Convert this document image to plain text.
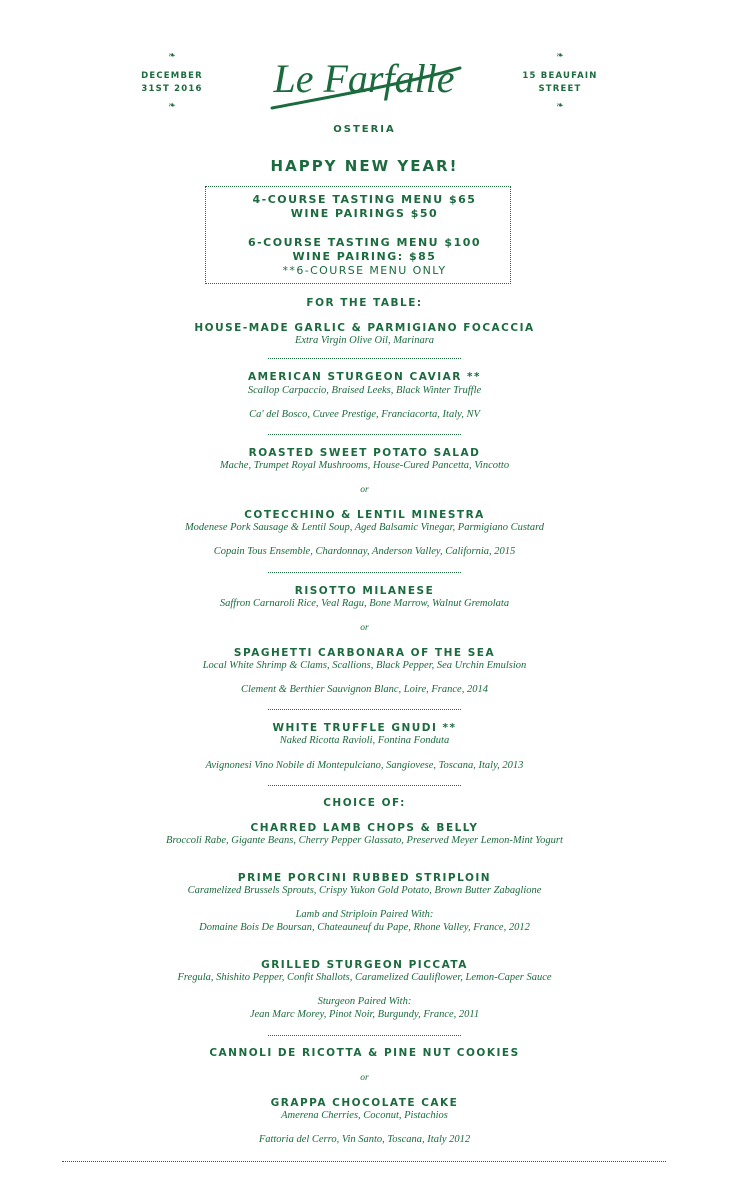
❧
DECEMBER
31ST 2016
❧
❧
15 BEAUFAIN
STREET
❧
Le Farfalle
OSTERIA
HAPPY NEW YEAR!
4-COURSE TASTING MENU $65
WINE PAIRINGS $50
6-COURSE TASTING MENU $100
WINE PAIRING: $85
**6-COURSE MENU ONLY
FOR THE TABLE:
HOUSE-MADE GARLIC & PARMIGIANO FOCACCIA
Extra Virgin Olive Oil, Marinara
AMERICAN STURGEON CAVIAR **
Scallop Carpaccio, Braised Leeks, Black Winter Truffle
Ca' del Bosco, Cuvee Prestige, Franciacorta, Italy, NV
ROASTED SWEET POTATO SALAD
Mache, Trumpet Royal Mushrooms, House-Cured Pancetta, Vincotto
or
COTECCHINO & LENTIL MINESTRA
Modenese Pork Sausage & Lentil Soup, Aged Balsamic Vinegar, Parmigiano Custard
Copain Tous Ensemble, Chardonnay, Anderson Valley, California, 2015
RISOTTO MILANESE
Saffron Carnaroli Rice, Veal Ragu, Bone Marrow, Walnut Gremolata
or
SPAGHETTI CARBONARA OF THE SEA
Local White Shrimp & Clams, Scallions, Black Pepper, Sea Urchin Emulsion
Clement & Berthier Sauvignon Blanc, Loire, France, 2014
WHITE TRUFFLE GNUDI **
Naked Ricotta Ravioli, Fontina Fonduta
Avignonesi Vino Nobile di Montepulciano, Sangiovese, Toscana, Italy, 2013
CHOICE OF:
CHARRED LAMB CHOPS & BELLY
Broccoli Rabe, Gigante Beans, Cherry Pepper Glassato, Preserved Meyer Lemon-Mint Yogurt
PRIME PORCINI RUBBED STRIPLOIN
Caramelized Brussels Sprouts, Crispy Yukon Gold Potato, Brown Butter Zabaglione
Lamb and Striploin Paired With:
Domaine Bois De Boursan, Chateauneuf du Pape, Rhone Valley, France, 2012
GRILLED STURGEON PICCATA
Fregula, Shishito Pepper, Confit Shallots, Caramelized Cauliflower, Lemon-Caper Sauce
Sturgeon Paired With:
Jean Marc Morey, Pinot Noir, Burgundy, France, 2011
CANNOLI DE RICOTTA & PINE NUT COOKIES
or
GRAPPA CHOCOLATE CAKE
Amerena Cherries, Coconut, Pistachios
Fattoria del Cerro, Vin Santo, Toscana, Italy 2012
